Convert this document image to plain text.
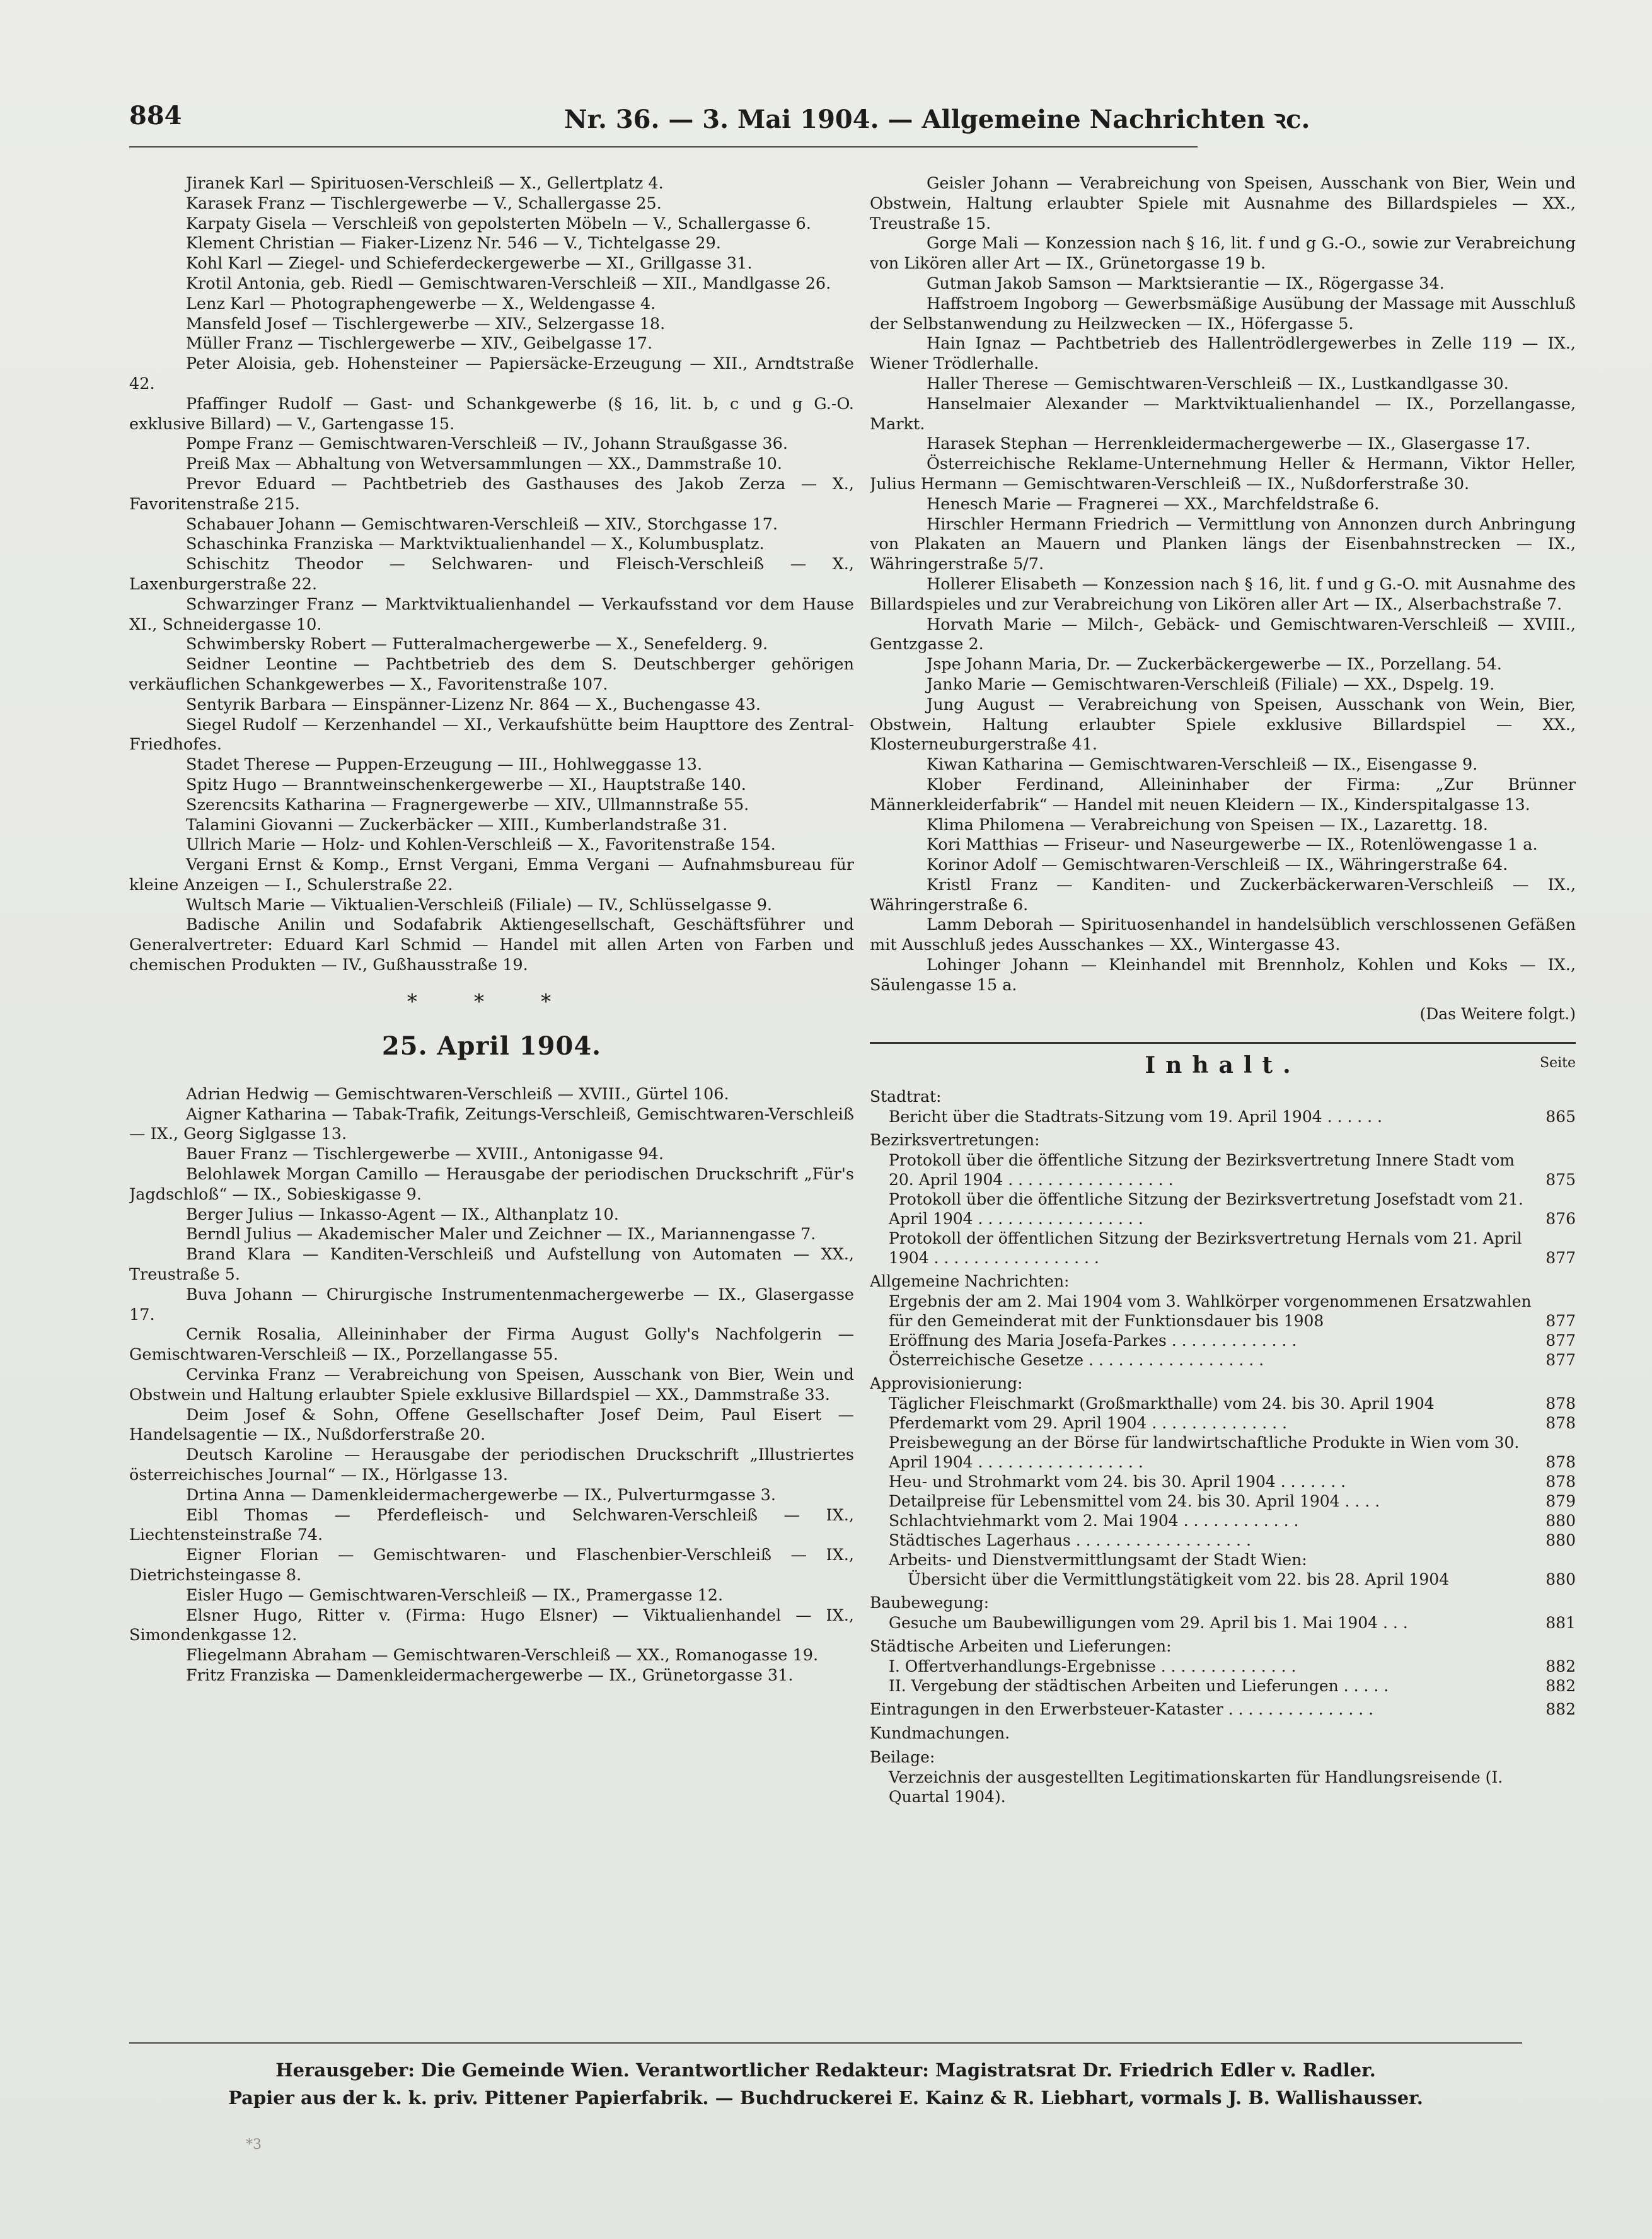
884	Nr. 36. — 3. Mai 1904. — Allgemeine Nachrichten ꝛc.

Jiranek Karl — Spirituosen-Verschleiß — X., Gellertplatz 4.

Karasek Franz — Tischlergewerbe — V., Schallergasse 25.

Karpaty Gisela — Verschleiß von gepolsterten Möbeln — V., Schallergasse 6.

Klement Christian — Fiaker-Lizenz Nr. 546 — V., Tichtelgasse 29.

Kohl Karl — Ziegel- und Schieferdeckergewerbe — XI., Grillgasse 31.

Krotil Antonia, geb. Riedl — Gemischtwaren-Verschleiß — XII., Mandlgasse 26.

Lenz Karl — Photographengewerbe — X., Weldengasse 4.

Mansfeld Josef — Tischlergewerbe — XIV., Selzergasse 18.

Müller Franz — Tischlergewerbe — XIV., Geibelgasse 17.

Peter Aloisia, geb. Hohensteiner — Papiersäcke-Erzeugung — XII., Arndtstraße 42.

Pfaffinger Rudolf — Gast- und Schankgewerbe (§ 16, lit. b, c und g G.-O. exklusive Billard) — V., Gartengasse 15.

Pompe Franz — Gemischtwaren-Verschleiß — IV., Johann Straußgasse 36.

Preiß Max — Abhaltung von Wetversammlungen — XX., Dammstraße 10.

Prevor Eduard — Pachtbetrieb des Gasthauses des Jakob Zerza — X., Favoritenstraße 215.

Schabauer Johann — Gemischtwaren-Verschleiß — XIV., Storchgasse 17.

Schaschinka Franziska — Marktviktualienhandel — X., Kolumbusplatz.

Schischitz Theodor — Selchwaren- und Fleisch-Verschleiß — X., Laxenburgerstraße 22.

Schwarzinger Franz — Marktviktualienhandel — Verkaufsstand vor dem Hause XI., Schneidergasse 10.

Schwimbersky Robert — Futteralmachergewerbe — X., Senefelderg. 9.

Seidner Leontine — Pachtbetrieb des dem S. Deutschberger gehörigen verkäuflichen Schankgewerbes — X., Favoritenstraße 107.

Sentyrik Barbara — Einspänner-Lizenz Nr. 864 — X., Buchengasse 43.

Siegel Rudolf — Kerzenhandel — XI., Verkaufshütte beim Haupttore des Zentral-Friedhofes.

Stadet Therese — Puppen-Erzeugung — III., Hohlweggasse 13.

Spitz Hugo — Branntweinschenkergewerbe — XI., Hauptstraße 140.

Szerencsits Katharina — Fragnergewerbe — XIV., Ullmannstraße 55.

Talamini Giovanni — Zuckerbäcker — XIII., Kumberlandstraße 31.

Ullrich Marie — Holz- und Kohlen-Verschleiß — X., Favoritenstraße 154.

Vergani Ernst & Komp., Ernst Vergani, Emma Vergani — Aufnahmsbureau für kleine Anzeigen — I., Schulerstraße 22.

Wultsch Marie — Viktualien-Verschleiß (Filiale) — IV., Schlüsselgasse 9.

Badische Anilin und Sodafabrik Aktiengesellschaft, Geschäftsführer und Generalvertreter: Eduard Karl Schmid — Handel mit allen Arten von Farben und chemischen Produkten — IV., Gußhausstraße 19.

* * *
25. April 1904.

Adrian Hedwig — Gemischtwaren-Verschleiß — XVIII., Gürtel 106.

Aigner Katharina — Tabak-Trafik, Zeitungs-Verschleiß, Gemischtwaren-Verschleiß — IX., Georg Siglgasse 13.

Bauer Franz — Tischlergewerbe — XVIII., Antonigasse 94.

Belohlawek Morgan Camillo — Herausgabe der periodischen Druckschrift „Für's Jagdschloß“ — IX., Sobieskigasse 9.

Berger Julius — Inkasso-Agent — IX., Althanplatz 10.

Berndl Julius — Akademischer Maler und Zeichner — IX., Mariannengasse 7.

Brand Klara — Kanditen-Verschleiß und Aufstellung von Automaten — XX., Treustraße 5.

Buva Johann — Chirurgische Instrumentenmachergewerbe — IX., Glasergasse 17.

Cernik Rosalia, Alleininhaber der Firma August Golly's Nachfolgerin — Gemischtwaren-Verschleiß — IX., Porzellangasse 55.

Cervinka Franz — Verabreichung von Speisen, Ausschank von Bier, Wein und Obstwein und Haltung erlaubter Spiele exklusive Billardspiel — XX., Dammstraße 33.

Deim Josef & Sohn, Offene Gesellschafter Josef Deim, Paul Eisert — Handelsagentie — IX., Nußdorferstraße 20.

Deutsch Karoline — Herausgabe der periodischen Druckschrift „Illustriertes österreichisches Journal“ — IX., Hörlgasse 13.

Drtina Anna — Damenkleidermachergewerbe — IX., Pulverturmgasse 3.

Eibl Thomas — Pferdefleisch- und Selchwaren-Verschleiß — IX., Liechtensteinstraße 74.

Eigner Florian — Gemischtwaren- und Flaschenbier-Verschleiß — IX., Dietrichsteingasse 8.

Eisler Hugo — Gemischtwaren-Verschleiß — IX., Pramergasse 12.

Elsner Hugo, Ritter v. (Firma: Hugo Elsner) — Viktualienhandel — IX., Simondenkgasse 12.

Fliegelmann Abraham — Gemischtwaren-Verschleiß — XX., Romanogasse 19.

Fritz Franziska — Damenkleidermachergewerbe — IX., Grünetorgasse 31.

Geisler Johann — Verabreichung von Speisen, Ausschank von Bier, Wein und Obstwein, Haltung erlaubter Spiele mit Ausnahme des Billardspieles — XX., Treustraße 15.

Gorge Mali — Konzession nach § 16, lit. f und g G.-O., sowie zur Verabreichung von Likören aller Art — IX., Grünetorgasse 19 b.

Gutman Jakob Samson — Marktsierantie — IX., Rögergasse 34.

Haffstroem Ingoborg — Gewerbsmäßige Ausübung der Massage mit Ausschluß der Selbstanwendung zu Heilzwecken — IX., Höfergasse 5.

Hain Ignaz — Pachtbetrieb des Hallentrödlergewerbes in Zelle 119 — IX., Wiener Trödlerhalle.

Haller Therese — Gemischtwaren-Verschleiß — IX., Lustkandlgasse 30.

Hanselmaier Alexander — Marktviktualienhandel — IX., Porzellangasse, Markt.

Harasek Stephan — Herrenkleidermachergewerbe — IX., Glasergasse 17.

Österreichische Reklame-Unternehmung Heller & Hermann, Viktor Heller, Julius Hermann — Gemischtwaren-Verschleiß — IX., Nußdorferstraße 30.

Henesch Marie — Fragnerei — XX., Marchfeldstraße 6.

Hirschler Hermann Friedrich — Vermittlung von Annonzen durch Anbringung von Plakaten an Mauern und Planken längs der Eisenbahnstrecken — IX., Währingerstraße 5/7.

Hollerer Elisabeth — Konzession nach § 16, lit. f und g G.-O. mit Ausnahme des Billardspieles und zur Verabreichung von Likören aller Art — IX., Alserbachstraße 7.

Horvath Marie — Milch-, Gebäck- und Gemischtwaren-Verschleiß — XVIII., Gentzgasse 2.

Jspe Johann Maria, Dr. — Zuckerbäckergewerbe — IX., Porzellang. 54.

Janko Marie — Gemischtwaren-Verschleiß (Filiale) — XX., Dspelg. 19.

Jung August — Verabreichung von Speisen, Ausschank von Wein, Bier, Obstwein, Haltung erlaubter Spiele exklusive Billardspiel — XX., Klosterneuburgerstraße 41.

Kiwan Katharina — Gemischtwaren-Verschleiß — IX., Eisengasse 9.

Klober Ferdinand, Alleininhaber der Firma: „Zur Brünner Männerkleiderfabrik“ — Handel mit neuen Kleidern — IX., Kinderspitalgasse 13.

Klima Philomena — Verabreichung von Speisen — IX., Lazarettg. 18.

Kori Matthias — Friseur- und Naseurgewerbe — IX., Rotenlöwengasse 1 a.

Korinor Adolf — Gemischtwaren-Verschleiß — IX., Währingerstraße 64.

Kristl Franz — Kanditen- und Zuckerbäckerwaren-Verschleiß — IX., Währingerstraße 6.

Lamm Deborah — Spirituosenhandel in handelsüblich verschlossenen Gefäßen mit Ausschluß jedes Ausschankes — XX., Wintergasse 43.

Lohinger Johann — Kleinhandel mit Brennholz, Kohlen und Koks — IX., Säulengasse 15 a.

(Das Weitere folgt.)
Inhalt.	Seite
Stadtrat:
Bericht über die Stadtrats-Sitzung vom 19. April 1904 . . . . . .	865
Bezirksvertretungen:
Protokoll über die öffentliche Sitzung der Bezirksvertretung Innere Stadt vom 20. April 1904 . . . . . . . . . . . . . . . . .	875
Protokoll über die öffentliche Sitzung der Bezirksvertretung Josefstadt vom 21. April 1904 . . . . . . . . . . . . . . . . .	876
Protokoll der öffentlichen Sitzung der Bezirksvertretung Hernals vom 21. April 1904 . . . . . . . . . . . . . . . . .	877
Allgemeine Nachrichten:
Ergebnis der am 2. Mai 1904 vom 3. Wahlkörper vorgenommenen Ersatzwahlen für den Gemeinderat mit der Funktionsdauer bis 1908	877
Eröffnung des Maria Josefa-Parkes . . . . . . . . . . . . .	877
Österreichische Gesetze . . . . . . . . . . . . . . . . . .	877
Approvisionierung:
Täglicher Fleischmarkt (Großmarkthalle) vom 24. bis 30. April 1904	878
Pferdemarkt vom 29. April 1904 . . . . . . . . . . . . . .	878
Preisbewegung an der Börse für landwirtschaftliche Produkte in Wien vom 30. April 1904 . . . . . . . . . . . . . . . . .	878
Heu- und Strohmarkt vom 24. bis 30. April 1904 . . . . . . .	878
Detailpreise für Lebensmittel vom 24. bis 30. April 1904 . . . .	879
Schlachtviehmarkt vom 2. Mai 1904 . . . . . . . . . . . .	880
Städtisches Lagerhaus . . . . . . . . . . . . . . . . . .	880
Arbeits- und Dienstvermittlungsamt der Stadt Wien:
Übersicht über die Vermittlungstätigkeit vom 22. bis 28. April 1904	880
Baubewegung:
Gesuche um Baubewilligungen vom 29. April bis 1. Mai 1904 . . .	881
Städtische Arbeiten und Lieferungen:
I. Offertverhandlungs-Ergebnisse . . . . . . . . . . . . . .	882
II. Vergebung der städtischen Arbeiten und Lieferungen . . . . .	882
Eintragungen in den Erwerbsteuer-Kataster . . . . . . . . . . . . . . .	882
Kundmachungen.
Beilage:
Verzeichnis der ausgestellten Legitimationskarten für Handlungsreisende (I. Quartal 1904).
Herausgeber: Die Gemeinde Wien. Verantwortlicher Redakteur: Magistratsrat Dr. Friedrich Edler v. Radler.
Papier aus der k. k. priv. Pittener Papierfabrik. — Buchdruckerei E. Kainz & R. Liebhart, vormals J. B. Wallishausser.
*3
